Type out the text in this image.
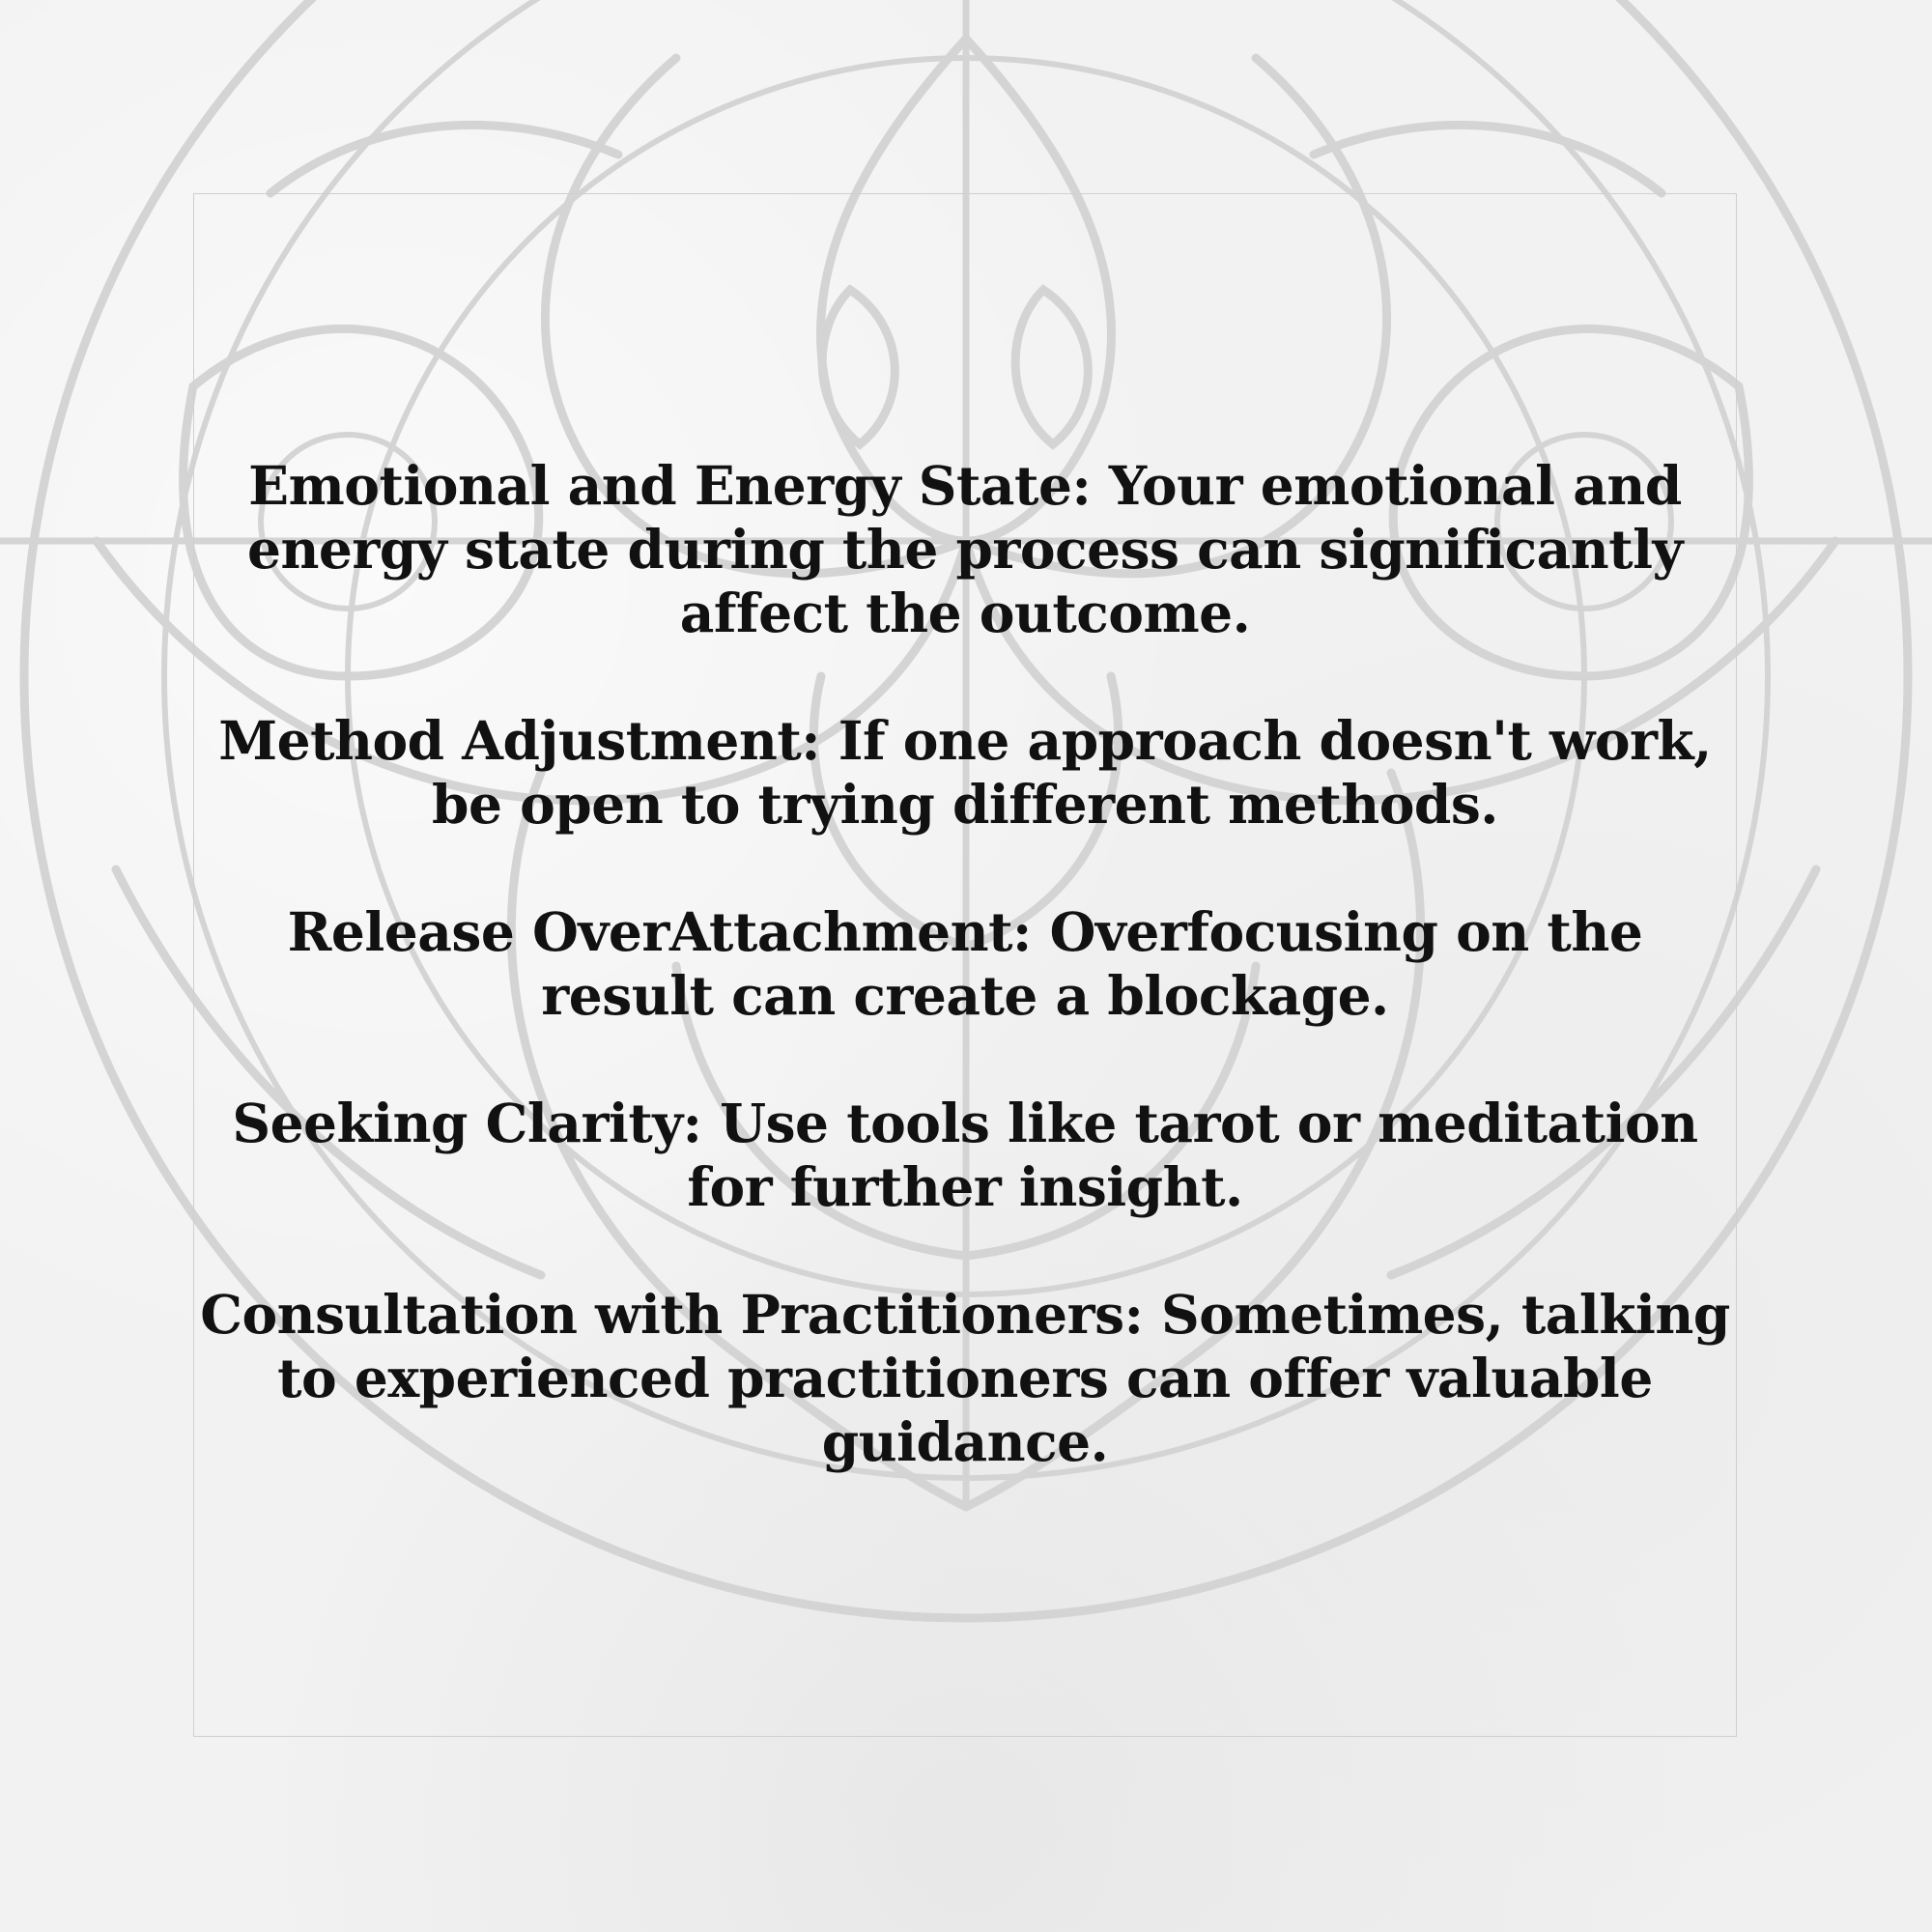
Emotional and Energy State: Your emotional and energy state during the process can significantly affect the outcome.

Method Adjustment: If one approach doesn't work, be open to trying different methods.

Release OverAttachment: Overfocusing on the result can create a blockage.

Seeking Clarity: Use tools like tarot or meditation for further insight.

Consultation with Practitioners: Sometimes, talking to experienced practitioners can offer valuable guidance.
